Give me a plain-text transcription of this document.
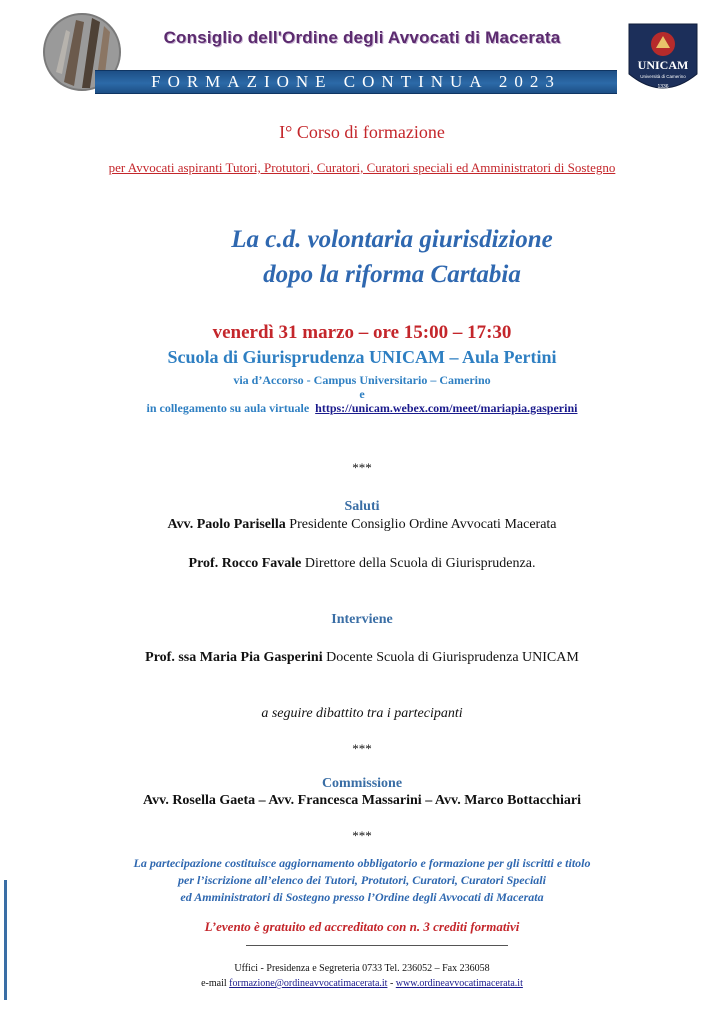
Consiglio dell'Ordine degli Avvocati di Macerata
FORMAZIONE CONTINUA 2023
UNICAM
Università di Camerino
1336
I° Corso di formazione
per Avvocati aspiranti Tutori, Protutori, Curatori, Curatori speciali ed Amministratori di Sostegno
La c.d. volontaria giurisdizione
dopo la riforma Cartabia
venerdì 31 marzo – ore 15:00 – 17:30
Scuola di Giurisprudenza UNICAM – Aula Pertini
via d’Accorso - Campus Universitario – Camerino
e
in collegamento su aula virtuale https://unicam.webex.com/meet/mariapia.gasperini
***
Saluti
Avv. Paolo Parisella Presidente Consiglio Ordine Avvocati Macerata
Prof. Rocco Favale Direttore della Scuola di Giurisprudenza.
Interviene
Prof. ssa Maria Pia Gasperini Docente Scuola di Giurisprudenza UNICAM
a seguire dibattito tra i partecipanti
***
Commissione
Avv. Rosella Gaeta – Avv. Francesca Massarini – Avv. Marco Bottacchiari
***
La partecipazione costituisce aggiornamento obbligatorio e formazione per gli iscritti e titolo
per l’iscrizione all’elenco dei Tutori, Protutori, Curatori, Curatori Speciali
ed Amministratori di Sostegno presso l’Ordine degli Avvocati di Macerata
L’evento è gratuito ed accreditato con n. 3 crediti formativi
Uffici - Presidenza e Segreteria 0733 Tel. 236052 – Fax 236058
e-mail formazione@ordineavvocatimacerata.it - www.ordineavvocatimacerata.it
